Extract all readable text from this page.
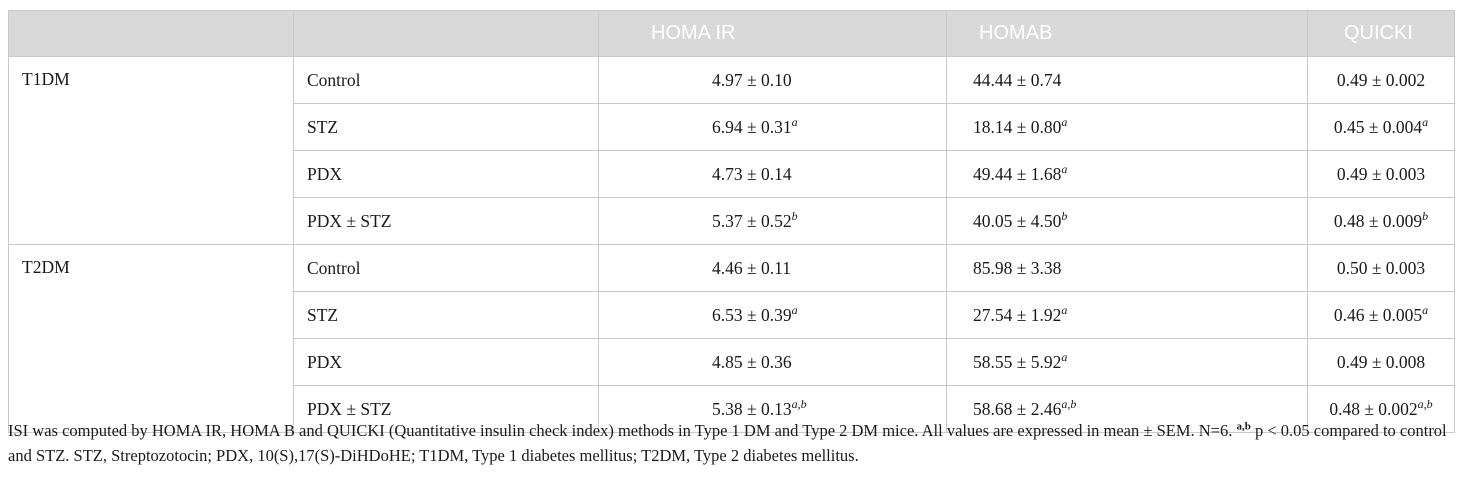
		HOMA IR	HOMAB	QUICKI
T1DM	Control	4.97 ± 0.10	44.44 ± 0.74	0.49 ± 0.002
	STZ	6.94 ± 0.31$^a$	18.14 ± 0.80$^a$	0.45 ± 0.004$^a$
	PDX	4.73 ± 0.14	49.44 ± 1.68$^a$	0.49 ± 0.003
	PDX ± STZ	5.37 ± 0.52$^b$	40.05 ± 4.50$^b$	0.48 ± 0.009$^b$
T2DM	Control	4.46 ± 0.11	85.98 ± 3.38	0.50 ± 0.003
	STZ	6.53 ± 0.39$^a$	27.54 ± 1.92$^a$	0.46 ± 0.005$^a$
	PDX	4.85 ± 0.36	58.55 ± 5.92$^a$	0.49 ± 0.008
	PDX ± STZ	$5.38 \pm 0.13^{a,b}$	$58.68 \pm 2.46^{a,b}$	$0.48 \pm 0.002^{a,b}$

ISI was computed by HOMA IR, HOMA B and QUICKI (Quantitative insulin check index) methods in Type 1 DM and Type 2 DM mice. All values are expressed in mean ± SEM. N=6. $^{a,b}$ p < 0.05 compared to control and STZ. STZ, Streptozotocin; PDX, 10(S),17(S)-DiHDoHE; T1DM, Type 1 diabetes mellitus; T2DM, Type 2 diabetes mellitus.
